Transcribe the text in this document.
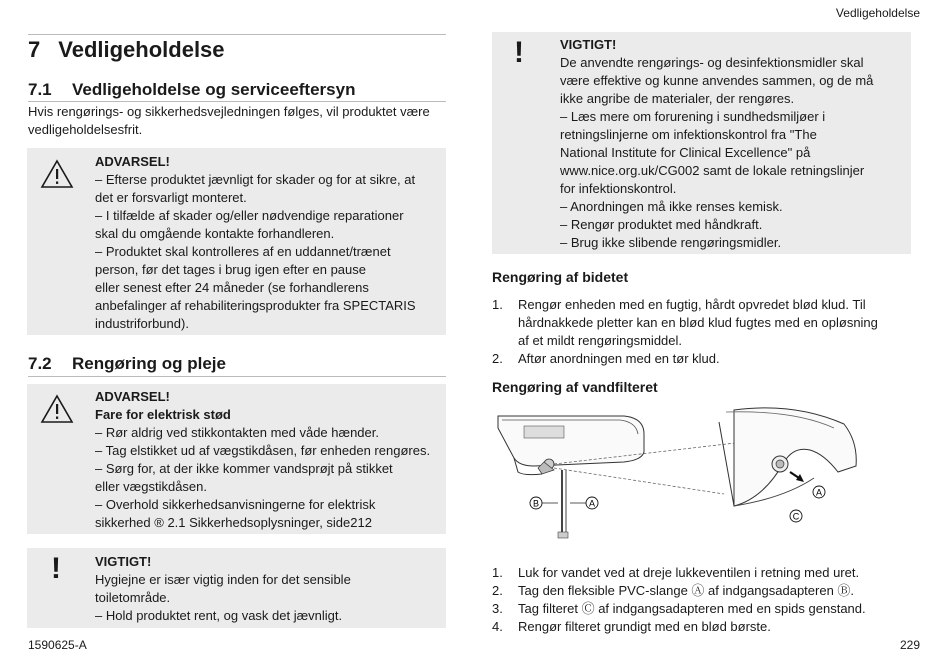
Vedligeholdelse
7 Vedligeholdelse
7.1 Vedligeholdelse og serviceeftersyn
Hvis rengørings- og sikkerhedsvejledningen følges, vil produktet være
vedligeholdelsesfrit.
ADVARSEL!
– Efterse produktet jævnligt for skader og for at sikre, at
det er forsvarligt monteret.
– I tilfælde af skader og/eller nødvendige reparationer
skal du omgående kontakte forhandleren.
– Produktet skal kontrolleres af en uddannet/trænet
person, før det tages i brug igen efter en pause
eller senest efter 24 måneder (se forhandlerens
anbefalinger af rehabiliteringsprodukter fra SPECTARIS
industriforbund).
7.2 Rengøring og pleje
ADVARSEL!
Fare for elektrisk stød
– Rør aldrig ved stikkontakten med våde hænder.
– Tag elstikket ud af vægstikdåsen, før enheden rengøres.
– Sørg for, at der ikke kommer vandsprøjt på stikket
eller vægstikdåsen.
– Overhold sikkerhedsanvisningerne for elektrisk
sikkerhed ® 2.1 Sikkerhedsoplysninger, side212
!	VIGTIGT!
Hygiejne er især vigtig inden for det sensible
toiletområde.
– Hold produktet rent, og vask det jævnligt.
!	VIGTIGT!
De anvendte rengørings- og desinfektionsmidler skal
være effektive og kunne anvendes sammen, og de må
ikke angribe de materialer, der rengøres.
– Læs mere om forurening i sundhedsmiljøer i
retningslinjerne om infektionskontrol fra "The
National Institute for Clinical Excellence" på
www.nice.org.uk/CG002 samt de lokale retningslinjer
for infektionskontrol.
– Anordningen må ikke renses kemisk.
– Rengør produktet med håndkraft.
– Brug ikke slibende rengøringsmidler.
Rengøring af bidetet
1. Rengør enheden med en fugtig, hårdt opvredet blød klud. Til
hårdnakkede pletter kan en blød klud fugtes med en opløsning
af et mildt rengøringsmiddel.
2. Aftør anordningen med en tør klud.
Rengøring af vandfilteret
A
C
B	A
1. Luk for vandet ved at dreje lukkeventilen i retning med uret.
2. Tag den fleksible PVC-slange Ⓐ af indgangsadapteren Ⓑ.
3. Tag filteret Ⓒ af indgangsadapteren med en spids genstand.
4. Rengør filteret grundigt med en blød børste.
1590625-A	229
